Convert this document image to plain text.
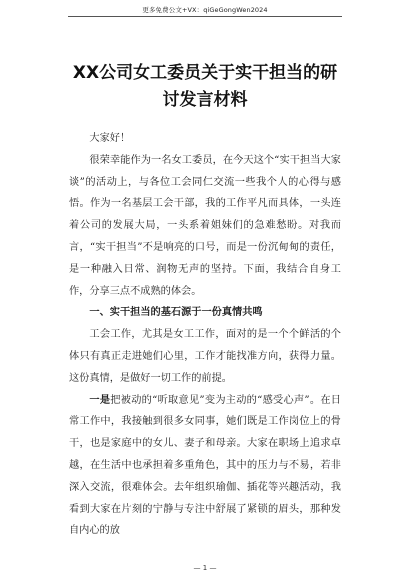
更多免费公文+VX：qiGeGongWen2024
XX公司女工委员关于实干担当的研讨发言材料

大家好！

很荣幸能作为一名女工委员，在今天这个“实干担当大家谈”的活动上，与各位工会同仁交流一些我个人的心得与感悟。作为一名基层工会干部，我的工作平凡而具体，一头连着公司的发展大局，一头系着姐妹们的急难愁盼。对我而言，“实干担当”不是响亮的口号，而是一份沉甸甸的责任，是一种融入日常、润物无声的坚持。下面，我结合自身工作，分享三点不成熟的体会。

一、实干担当的基石源于一份真情共鸣

工会工作，尤其是女工工作，面对的是一个个鲜活的个体只有真正走进她们心里，工作才能找准方向，获得力量。这份真情，是做好一切工作的前提。

一是把被动的“听取意见”变为主动的“感受心声”。在日常工作中，我接触到很多女同事，她们既是工作岗位上的骨干，也是家庭中的女儿、妻子和母亲。大家在职场上追求卓越，在生活中也承担着多重角色，其中的压力与不易，若非深入交流，很难体会。去年组织瑜伽、插花等兴趣活动，我看到大家在片刻的宁静与专注中舒展了紧锁的眉头，那种发自内心的放

— 1 —
